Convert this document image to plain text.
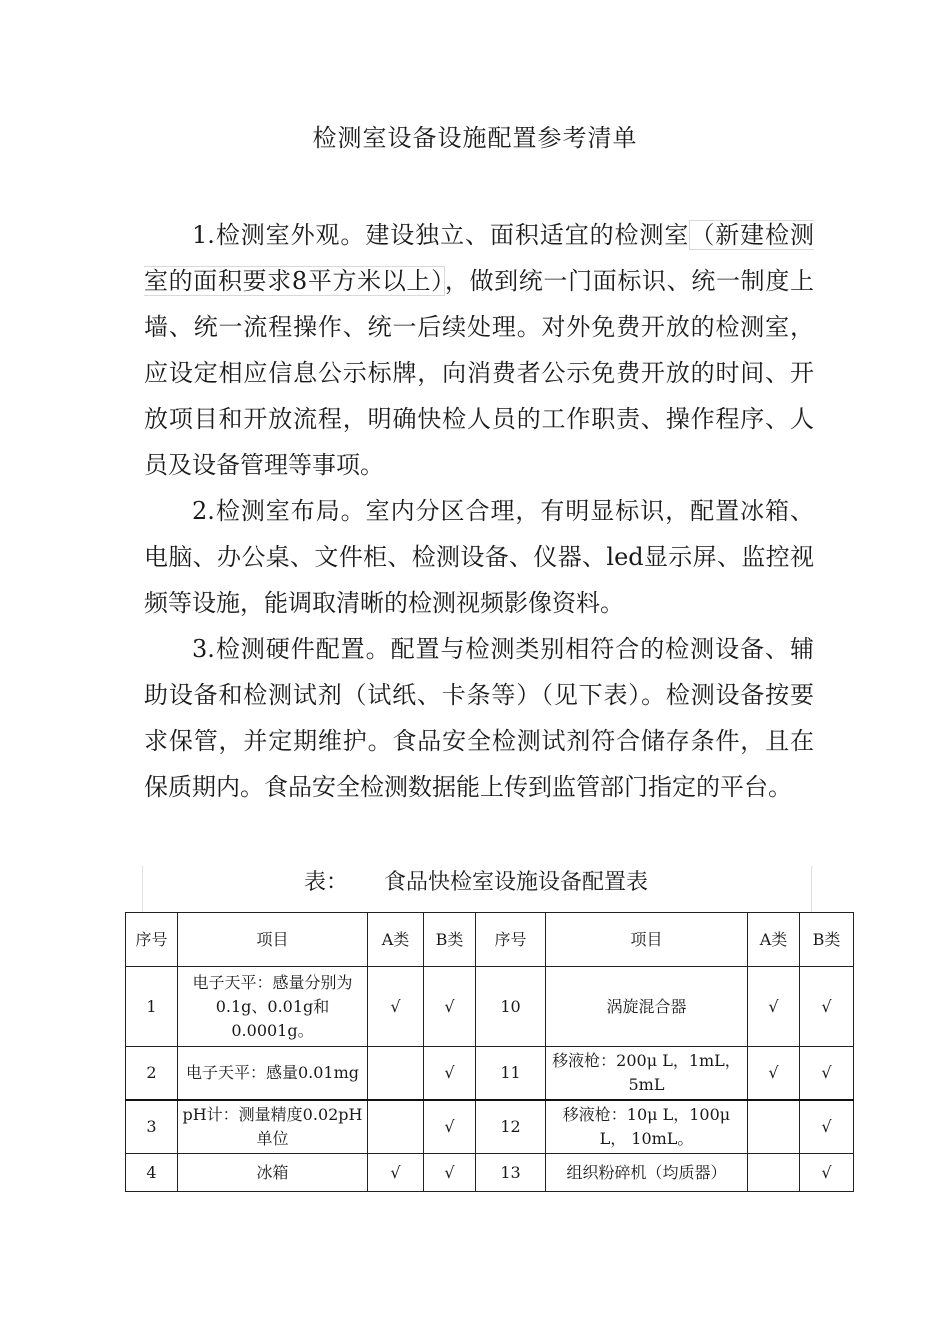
检测室设备设施配置参考清单

1.检测室外观。建设独立、面积适宜的检测室（新建检测室的面积要求8平方米以上），做到统一门面标识、统一制度上墙、统一流程操作、统一后续处理。对外免费开放的检测室，应设定相应信息公示标牌，向消费者公示免费开放的时间、开放项目和开放流程，明确快检人员的工作职责、操作程序、人员及设备管理等事项。

2.检测室布局。室内分区合理，有明显标识，配置冰箱、电脑、办公桌、文件柜、检测设备、仪器、led显示屏、监控视频等设施，能调取清晰的检测视频影像资料。

3.检测硬件配置。配置与检测类别相符合的检测设备、辅助设备和检测试剂（试纸、卡条等）（见下表）。检测设备按要求保管，并定期维护。食品安全检测试剂符合储存条件，且在保质期内。食品安全检测数据能上传到监管部门指定的平台。

表： 食品快检室设施设备配置表
序号	项目	A类	B类	序号	项目	A类	B类
1	电子天平：感量分别为0.1g、0.01g和0.0001g。	√	√	10	涡旋混合器	√	√
2	电子天平：感量0.01mg		√	11	移液枪：200μ L，1mL，5mL	√	√
3	pH计：测量精度0.02pH单位		√	12	移液枪：10μ L，100μ L， 10mL。		√
4	冰箱	√	√	13	组织粉碎机（均质器）		√
